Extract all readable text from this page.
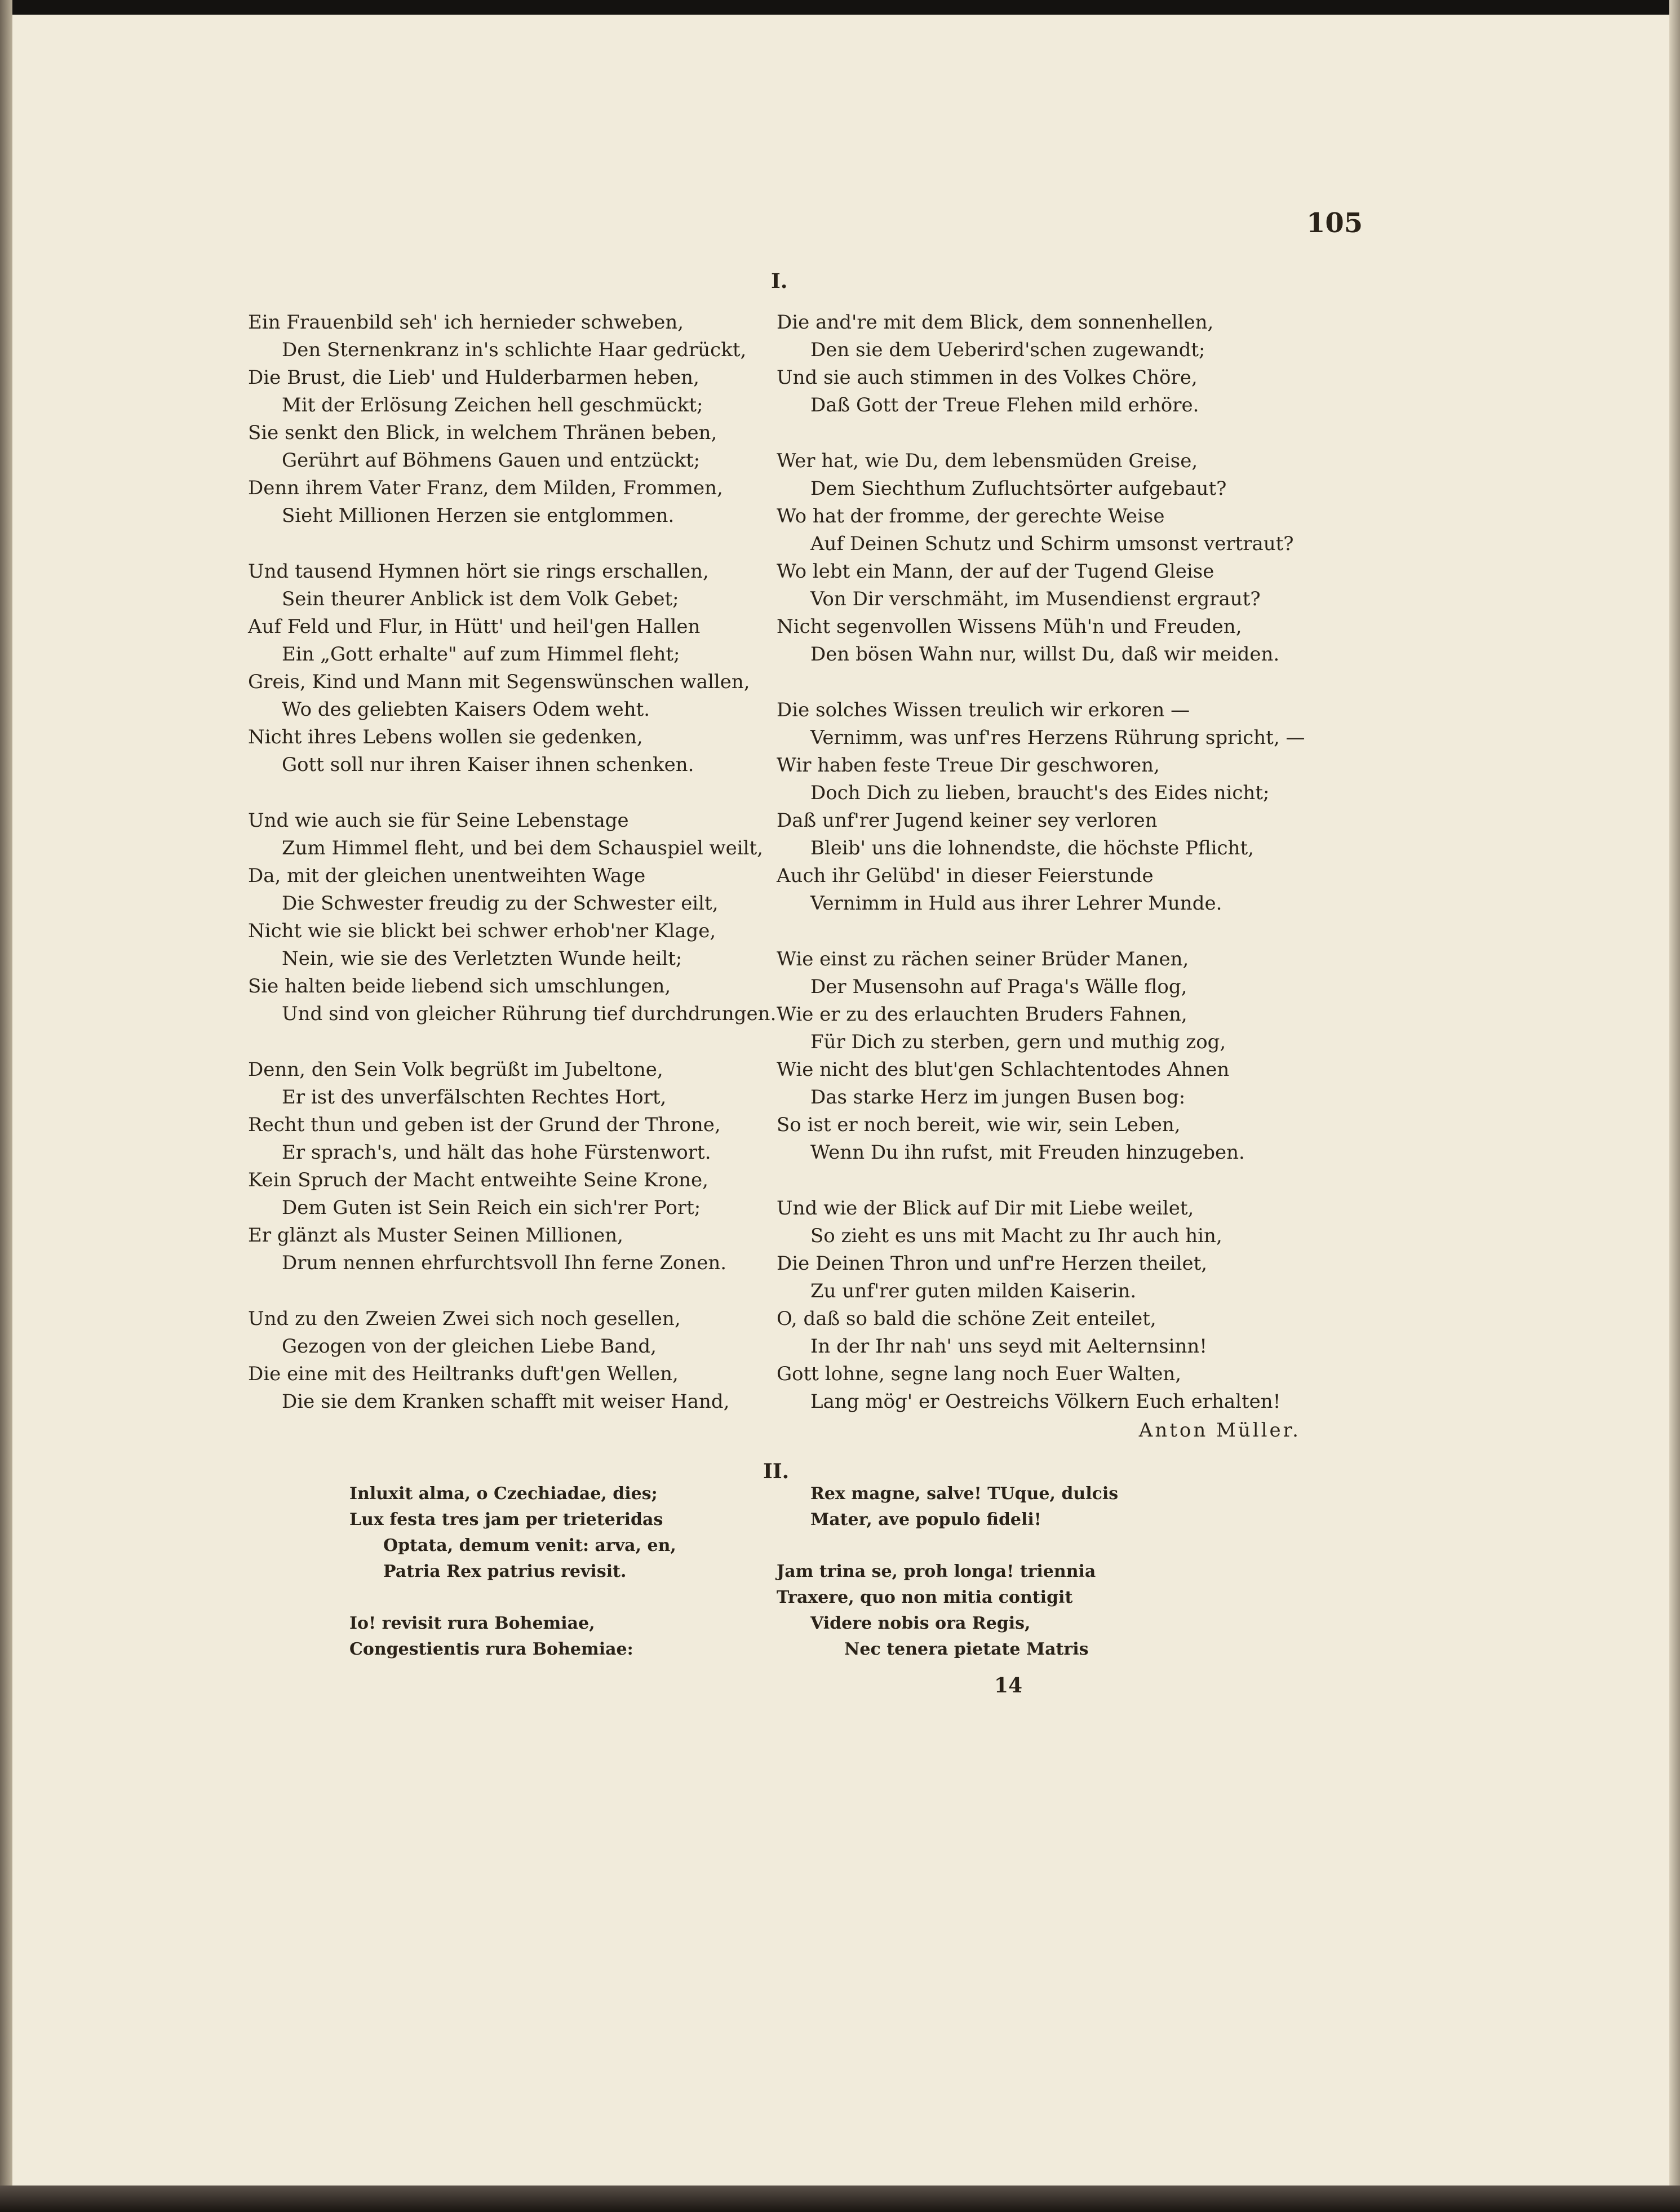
105
I.
Ein Frauenbild seh' ich hernieder schweben,
Den Sternenkranz in's schlichte Haar gedrückt,
Die Brust, die Lieb' und Hulderbarmen heben,
Mit der Erlösung Zeichen hell geschmückt;
Sie senkt den Blick, in welchem Thränen beben,
Gerührt auf Böhmens Gauen und entzückt;
Denn ihrem Vater Franz, dem Milden, Frommen,
Sieht Millionen Herzen sie entglommen.
Und tausend Hymnen hört sie rings erschallen,
Sein theurer Anblick ist dem Volk Gebet;
Auf Feld und Flur, in Hütt' und heil'gen Hallen
Ein „Gott erhalte" auf zum Himmel fleht;
Greis, Kind und Mann mit Segenswünschen wallen,
Wo des geliebten Kaisers Odem weht.
Nicht ihres Lebens wollen sie gedenken,
Gott soll nur ihren Kaiser ihnen schenken.
Und wie auch sie für Seine Lebenstage
Zum Himmel fleht, und bei dem Schauspiel weilt,
Da, mit der gleichen unentweihten Wage
Die Schwester freudig zu der Schwester eilt,
Nicht wie sie blickt bei schwer erhob'ner Klage,
Nein, wie sie des Verletzten Wunde heilt;
Sie halten beide liebend sich umschlungen,
Und sind von gleicher Rührung tief durchdrungen.
Denn, den Sein Volk begrüßt im Jubeltone,
Er ist des unverfälschten Rechtes Hort,
Recht thun und geben ist der Grund der Throne,
Er sprach's, und hält das hohe Fürstenwort.
Kein Spruch der Macht entweihte Seine Krone,
Dem Guten ist Sein Reich ein sich'rer Port;
Er glänzt als Muster Seinen Millionen,
Drum nennen ehrfurchtsvoll Ihn ferne Zonen.
Und zu den Zweien Zwei sich noch gesellen,
Gezogen von der gleichen Liebe Band,
Die eine mit des Heiltranks duft'gen Wellen,
Die sie dem Kranken schafft mit weiser Hand,
Die and're mit dem Blick, dem sonnenhellen,
Den sie dem Ueberird'schen zugewandt;
Und sie auch stimmen in des Volkes Chöre,
Daß Gott der Treue Flehen mild erhöre.
Wer hat, wie Du, dem lebensmüden Greise,
Dem Siechthum Zufluchtsörter aufgebaut?
Wo hat der fromme, der gerechte Weise
Auf Deinen Schutz und Schirm umsonst vertraut?
Wo lebt ein Mann, der auf der Tugend Gleise
Von Dir verschmäht, im Musendienst ergraut?
Nicht segenvollen Wissens Müh'n und Freuden,
Den bösen Wahn nur, willst Du, daß wir meiden.
Die solches Wissen treulich wir erkoren —
Vernimm, was unf'res Herzens Rührung spricht, —
Wir haben feste Treue Dir geschworen,
Doch Dich zu lieben, braucht's des Eides nicht;
Daß unf'rer Jugend keiner sey verloren
Bleib' uns die lohnendste, die höchste Pflicht,
Auch ihr Gelübd' in dieser Feierstunde
Vernimm in Huld aus ihrer Lehrer Munde.
Wie einst zu rächen seiner Brüder Manen,
Der Musensohn auf Praga's Wälle flog,
Wie er zu des erlauchten Bruders Fahnen,
Für Dich zu sterben, gern und muthig zog,
Wie nicht des blut'gen Schlachtentodes Ahnen
Das starke Herz im jungen Busen bog:
So ist er noch bereit, wie wir, sein Leben,
Wenn Du ihn rufst, mit Freuden hinzugeben.
Und wie der Blick auf Dir mit Liebe weilet,
So zieht es uns mit Macht zu Ihr auch hin,
Die Deinen Thron und unf're Herzen theilet,
Zu unf'rer guten milden Kaiserin.
O, daß so bald die schöne Zeit enteilet,
In der Ihr nah' uns seyd mit Aelternsinn!
Gott lohne, segne lang noch Euer Walten,
Lang mög' er Oestreichs Völkern Euch erhalten!
Anton Müller.
II.
Inluxit alma, o Czechiadae, dies;
Lux festa tres jam per trieteridas
Optata, demum venit: arva, en,
Patria Rex patrius revisit.
Io! revisit rura Bohemiae,
Congestientis rura Bohemiae:
Rex magne, salve! TUque, dulcis
Mater, ave populo fideli!
Jam trina se, proh longa! triennia
Traxere, quo non mitia contigit
Videre nobis ora Regis,
Nec tenera pietate Matris
14
